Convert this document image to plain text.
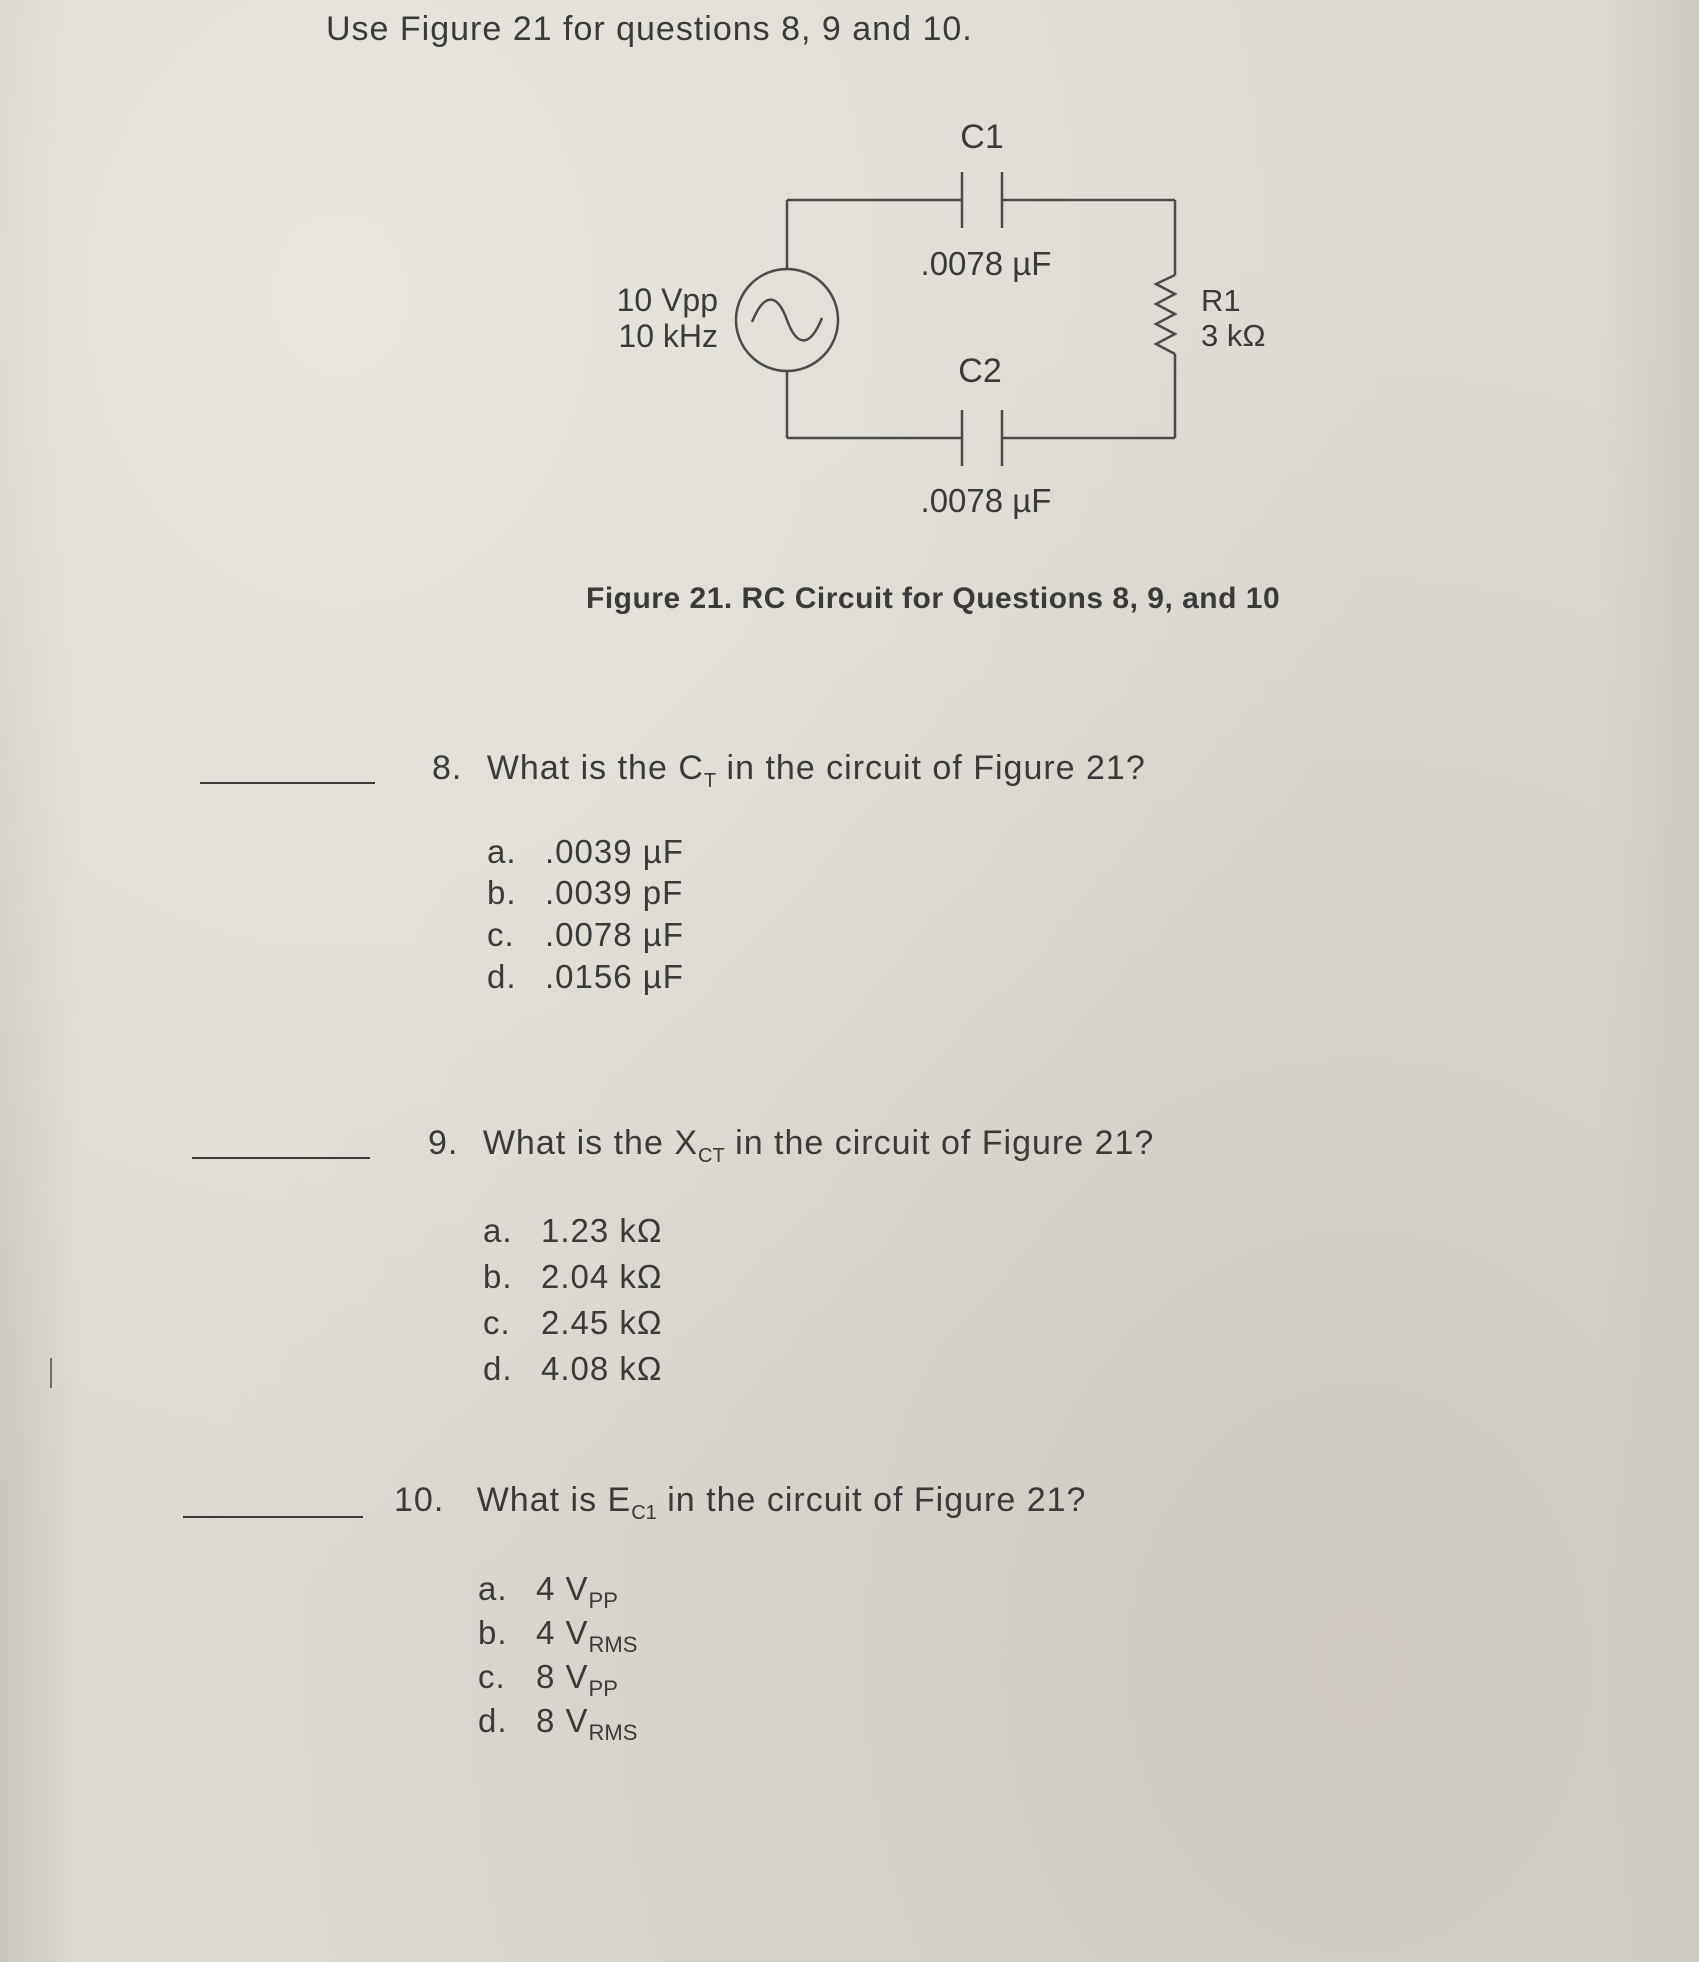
Use Figure 21 for questions 8, 9 and 10.
C1
.0078 µF
C2
.0078 µF
10 Vpp
10 kHz
R1
3 kΩ
Figure 21. RC Circuit for Questions 8, 9, and 10
8. What is the $C_T$ in the circuit of Figure 21?
a. .0039 µF
b. .0039 pF
c. .0078 µF
d. .0156 µF
9. What is the $X_{CT}$ in the circuit of Figure 21?
a. 1.23 kΩ
b. 2.04 kΩ
c. 2.45 kΩ
d. 4.08 kΩ
10. What is $E_{C1}$ in the circuit of Figure 21?
a. 4 $V_{PP}$
b. 4 $V_{RMS}$
c. 8 $V_{PP}$
d. 8 $V_{RMS}$
